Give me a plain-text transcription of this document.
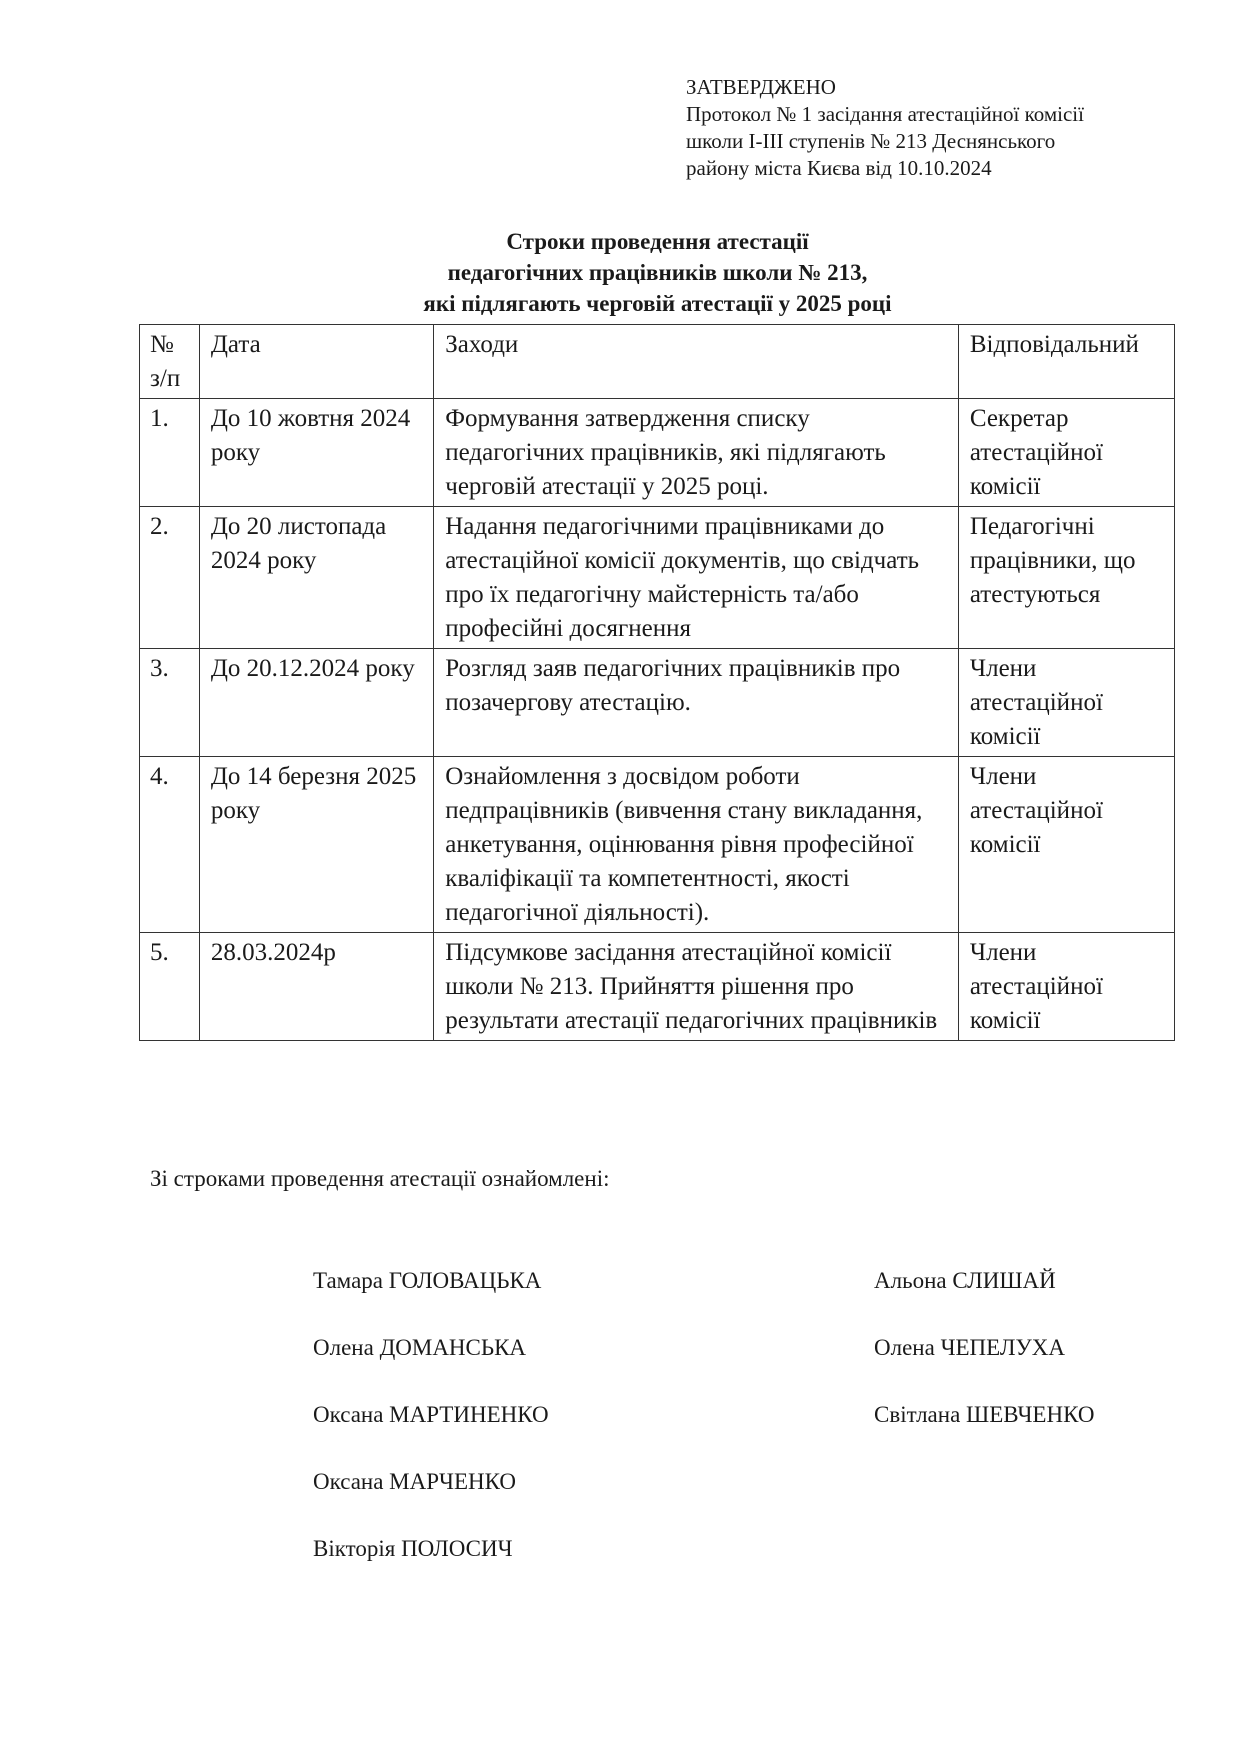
ЗАТВЕРДЖЕНО
Протокол № 1 засідання атестаційної комісії
школи І-ІІІ ступенів № 213 Деснянського
району міста Києва від 10.10.2024
Строки проведення атестації
педагогічних працівників школи № 213,
які підлягають черговій атестації у 2025 році
№ з/п	Дата	Заходи	Відповідальний
1.	До 10 жовтня 2024 року	Формування затвердження списку педагогічних працівників, які підлягають черговій атестації у 2025 році.	Секретар атестаційної комісії
2.	До 20 листопада 2024 року	Надання педагогічними працівниками до атестаційної комісії документів, що свідчать про їх педагогічну майстерність та/або професійні досягнення	Педагогічні працівники, що атестуються
3.	До 20.12.2024 року	Розгляд заяв педагогічних працівників про позачергову атестацію.	Члени атестаційної комісії
4.	До 14 березня 2025 року	Ознайомлення з досвідом роботи педпрацівників (вивчення стану викладання, анкетування, оцінювання рівня професійної кваліфікації та компетентності, якості педагогічної діяльності).	Члени атестаційної комісії
5.	28.03.2024р	Підсумкове засідання атестаційної комісії школи № 213. Прийняття рішення про результати атестації педагогічних працівників	Члени атестаційної комісії
Зі строками проведення атестації ознайомлені:
Тамара ГОЛОВАЦЬКА
Олена ДОМАНСЬКА
Оксана МАРТИНЕНКО
Оксана МАРЧЕНКО
Вікторія ПОЛОСИЧ
Альона СЛИШАЙ
Олена ЧЕПЕЛУХА
Світлана ШЕВЧЕНКО
